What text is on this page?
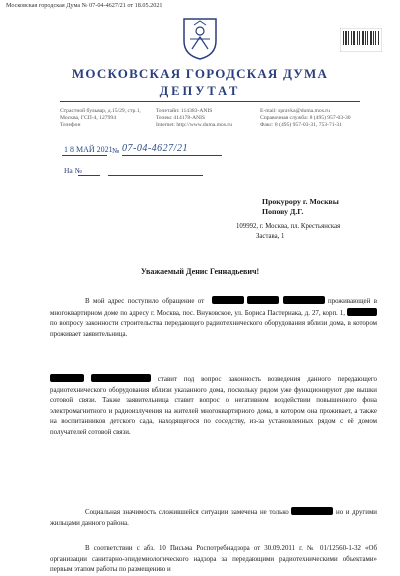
Московская городская Дума № 07-04-4627/21 от 18.05.2021
МОСКОВСКАЯ ГОРОДСКАЯ ДУМА
ДЕПУТАТ
Страстной бульвар, д.15/29, стр.1,
Москва, ГСП-4, 127994
Телефон
Телетайп: 114383-ANIS
Телекс 414178-ANIS
Internet: http://www.duma.mos.ru
E-mail: spravka@duma.mos.ru
Справочная служба: 8 (495) 957-03-30
Факс: 8 (495) 957-03-31, 753-71-31
1 8 МАЙ 2021 № 07-04-4627/21
На №
Прокурору г. Москвы
Попову Д.Г.
109992, г. Москва, пл. Крестьянская
Застава, 1
Уважаемый Денис Геннадьевич!
В мой адрес поступило обращение от	проживающей в многоквартирном доме по адресу г. Москва, пос. Внуковское, ул. Бориса Пастернака, д. 27, корп. 1,  по вопросу законности строительства передающего радиотехнического оборудования вблизи дома, в котором проживает заявительница.
ставит под вопрос законность возведения данного передающего радиотехнического оборудования вблизи указанного дома, поскольку рядом уже функционируют две вышки сотовой связи. Также заявительница ставит вопрос о негативном воздействии повышенного фона электромагнитного и радиоизлучения на жителей многоквартирного дома, в котором она проживает, а также на воспитанников детского сада, находящегося по соседству, из-за установленных рядом с её домом получателей сотовой связи.
Социальная значимость сложившейся ситуации замечена не только	но и другими жильцами данного района.
В соответствии с абз. 10 Письма Роспотребнадзора от 30.09.2011 г. № 01/12560-1-32 «Об организации санитарно-эпидемиологического надзора за передающими радиотехническими объектами» первым этапом работы по размещению и
